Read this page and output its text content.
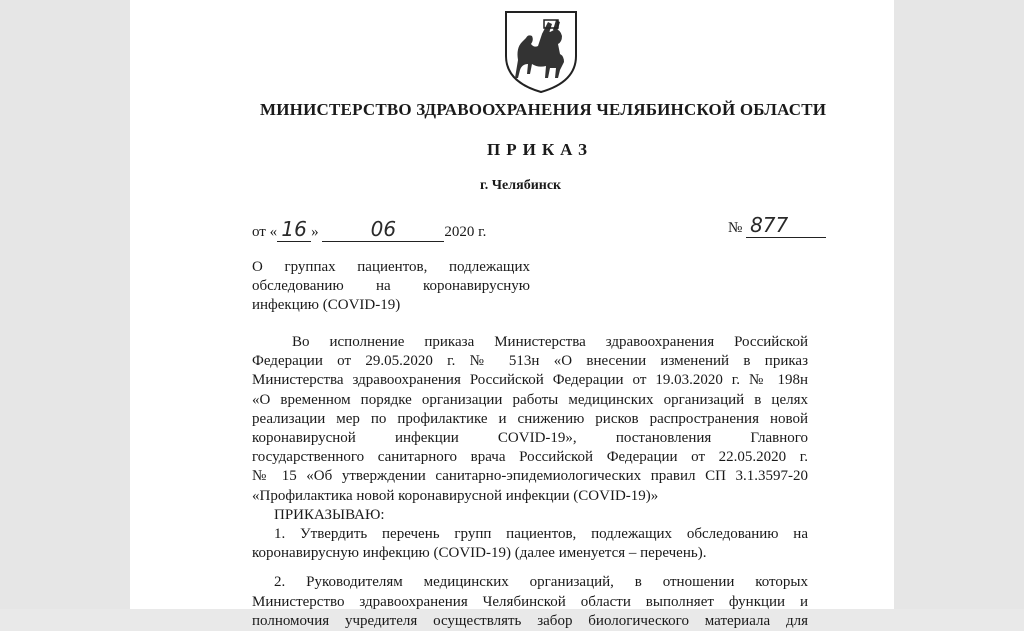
МИНИСТЕРСТВО ЗДРАВООХРАНЕНИЯ ЧЕЛЯБИНСКОЙ ОБЛАСТИ
ПРИКАЗ
г. Челябинск
от « 16 »	06	2020 г.	№ 877
О группах пациентов, подлежащих
обследованию на коронавирусную
инфекцию (COVID-19)
Во исполнение приказа Министерства здравоохранения Российской
Федерации от 29.05.2020 г. № 513н «О внесении изменений в приказ
Министерства здравоохранения Российской Федерации от 19.03.2020 г. № 198н
«О временном порядке организации работы медицинских организаций в целях
реализации мер по профилактике и снижению рисков распространения новой
коронавирусной инфекции COVID-19», постановления Главного
государственного санитарного врача Российской Федерации от 22.05.2020 г.
№ 15 «Об утверждении санитарно-эпидемиологических правил СП 3.1.3597-20
«Профилактика новой коронавирусной инфекции (COVID-19)»
ПРИКАЗЫВАЮ:
1. Утвердить перечень групп пациентов, подлежащих обследованию на
коронавирусную инфекцию (COVID-19) (далее именуется – перечень).
2. Руководителям медицинских организаций, в отношении которых
Министерство здравоохранения Челябинской области выполняет функции и
полномочия учредителя осуществлять забор биологического материала для
